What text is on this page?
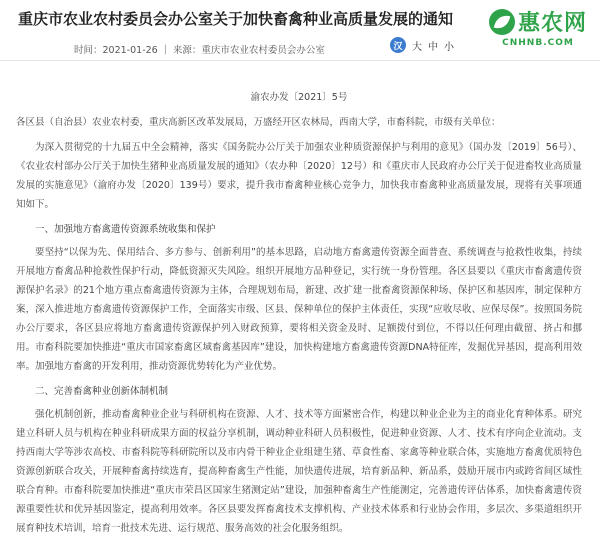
重庆市农业农村委员会办公室关于加快畜禽种业高质量发展的通知	惠农网
CNHNB.COM
时间：2021-01-26 | 来源：重庆市农业农村委员会办公室	汉 大 中 小
渝农办发〔2021〕5号
各区县（自治县）农业农村委，重庆高新区改革发展局，万盛经开区农林局，西南大学，市畜科院，市级有关单位：
为深入贯彻党的十九届五中全会精神，落实《国务院办公厅关于加强农业种质资源保护与利用的意见》（国办发〔2019〕56号）、《农业农村部办公厅关于加快生猪种业高质量发展的通知》（农办种〔2020〕12号）和《重庆市人民政府办公厅关于促进畜牧业高质量发展的实施意见》（渝府办发〔2020〕139号）要求，提升我市畜禽种业核心竞争力，加快我市畜禽种业高质量发展，现将有关事项通知如下。
一、加强地方畜禽遗传资源系统收集和保护
要坚持“以保为先、保用结合、多方参与、创新利用”的基本思路，启动地方畜禽遗传资源全面普查、系统调查与抢救性收集，持续开展地方畜禽品种抢救性保护行动，降低资源灭失风险。组织开展地方品种登记，实行统一身份管理。各区县要以《重庆市畜禽遗传资源保护名录》的21个地方重点畜禽遗传资源为主体，合理规划布局，新建、改扩建一批畜禽资源保种场、保护区和基因库，制定保种方案，深入推进地方畜禽遗传资源保护工作，全面落实市级、区县、保种单位的保护主体责任，实现“应收尽收、应保尽保”。按照国务院办公厅要求，各区县应将地方畜禽遗传资源保护列入财政预算，要将相关资金及时、足额拨付到位，不得以任何理由截留、挤占和挪用。市畜科院要加快推进“重庆市国家畜禽区域畜禽基因库”建设，加快构建地方畜禽遗传资源DNA特征库，发掘优异基因，提高利用效率。加强地方畜禽的开发利用，推动资源优势转化为产业优势。
二、完善畜禽种业创新体制机制
强化机制创新，推动畜禽种业企业与科研机构在资源、人才、技术等方面紧密合作，构建以种业企业为主的商业化育种体系。研究建立科研人员与机构在种业科研成果方面的权益分享机制，调动种业科研人员积极性，促进种业资源、人才、技术有序向企业流动。支持西南大学等涉农高校、市畜科院等科研院所以及市内骨干种业企业组建生猪、草食性畜、家禽等种业联合体，实施地方畜禽优质特色资源创新联合攻关，开展种畜禽持续选育，提高种畜禽生产性能，加快遗传进展，培育新品种、新品系，鼓励开展市内或跨省间区域性联合育种。市畜科院要加快推进“重庆市荣昌区国家生猪测定站”建设，加强种畜禽生产性能测定，完善遗传评估体系，加快畜禽遗传资源重要性状和优异基因鉴定，提高利用效率。各区县要发挥畜禽技术支撑机构、产业技术体系和行业协会作用，多层次、多渠道组织开展育种技术培训，培育一批技术先进、运行规范、服务高效的社会化服务组织。
